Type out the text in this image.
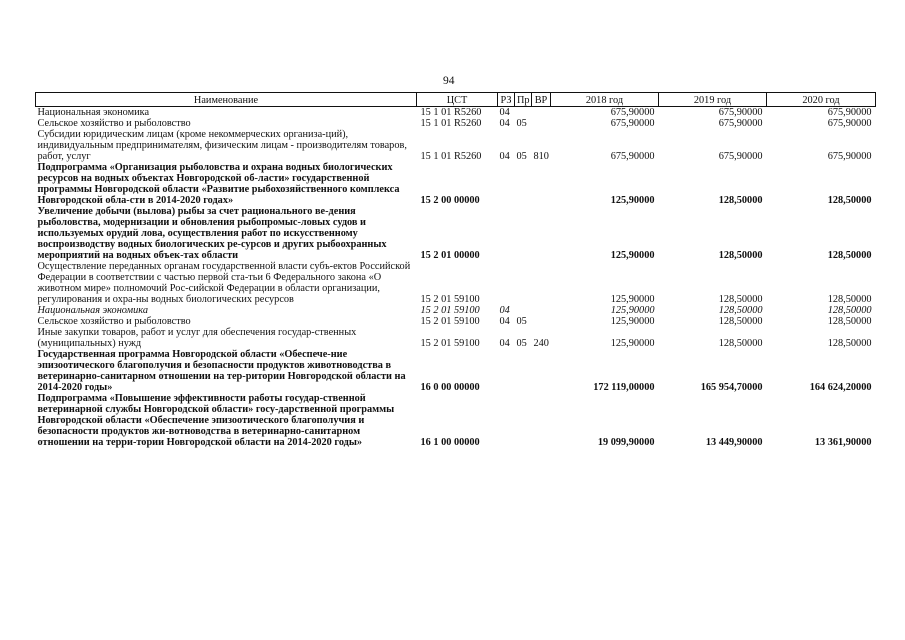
94
Наименование	ЦСТ	РЗ	Пр	ВР	2018 год	2019 год	2020 год
Национальная экономика	15 1 01 R5260	04			675,90000	675,90000	675,90000
Сельское хозяйство и рыболовство	15 1 01 R5260	04	05		675,90000	675,90000	675,90000
Субсидии юридическим лицам (кроме некоммерческих организа-ций), индивидуальным предпринимателям, физическим лицам - производителям товаров, работ, услуг	15 1 01 R5260	04	05	810	675,90000	675,90000	675,90000
Подпрограмма «Организация рыболовства и охрана водных биологических ресурсов на водных объектах Новгородской об-ласти» государственной программы Новгородской области «Развитие рыбохозяйственного комплекса Новгородской обла-сти в 2014-2020 годах»	15 2 00 00000				125,90000	128,50000	128,50000
Увеличение добычи (вылова) рыбы за счет рационального ве-дения рыболовства, модернизации и обновления рыбопромыс-ловых судов и используемых орудий лова, осуществления работ по искусственному воспроизводству водных биологических ре-сурсов и других рыбоохранных мероприятий на водных объек-тах области	15 2 01 00000				125,90000	128,50000	128,50000
Осуществление переданных органам государственной власти субъ-ектов Российской Федерации в соответствии с частью первой ста-тьи 6 Федерального закона «О животном мире» полномочий Рос-сийской Федерации в области организации, регулирования и охра-ны водных биологических ресурсов	15 2 01 59100				125,90000	128,50000	128,50000
Национальная экономика	15 2 01 59100	04			125,90000	128,50000	128,50000
Сельское хозяйство и рыболовство	15 2 01 59100	04	05		125,90000	128,50000	128,50000
Иные закупки товаров, работ и услуг для обеспечения государ-ственных (муниципальных) нужд	15 2 01 59100	04	05	240	125,90000	128,50000	128,50000
Государственная программа Новгородской области «Обеспече-ние эпизоотического благополучия и безопасности продуктов животноводства в ветеринарно-санитарном отношении на тер-ритории Новгородской области на 2014-2020 годы»	16 0 00 00000				172 119,00000	165 954,70000	164 624,20000
Подпрограмма «Повышение эффективности работы государ-ственной ветеринарной службы Новгородской области» госу-дарственной программы Новгородской области «Обеспечение эпизоотического благополучия и безопасности продуктов жи-вотноводства в ветеринарно-санитарном отношении на терри-тории Новгородской области на 2014-2020 годы»	16 1 00 00000				19 099,90000	13 449,90000	13 361,90000
